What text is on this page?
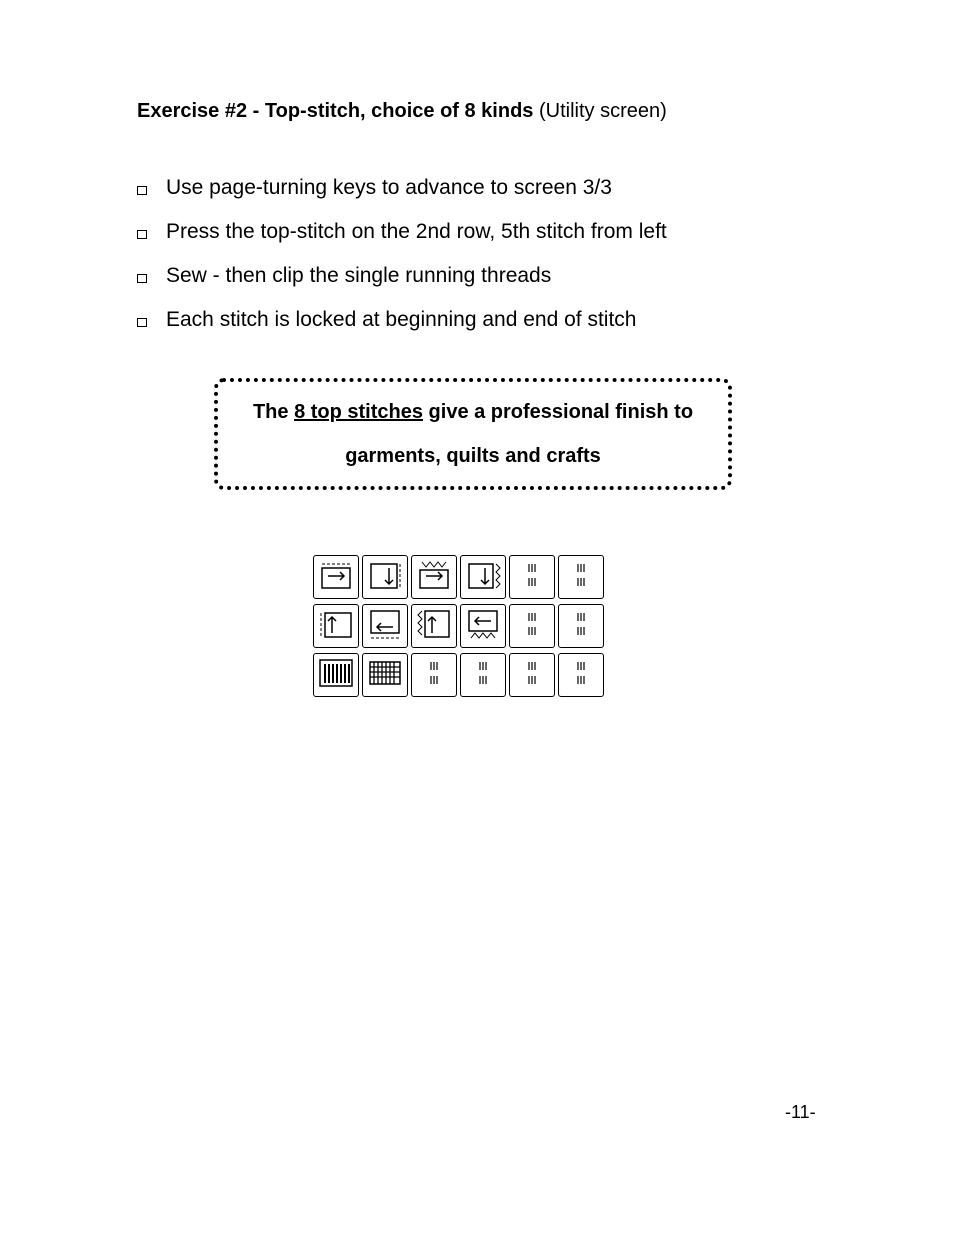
Exercise #2 - Top-stitch, choice of 8 kinds (Utility screen)
Use page-turning keys to advance to screen 3/3
Press the top-stitch on the 2nd row, 5th stitch from left
Sew - then clip the single running threads
Each stitch is locked at beginning and end of stitch
The 8 top stitches give a professional finish to
garments, quilts and crafts
-11-
